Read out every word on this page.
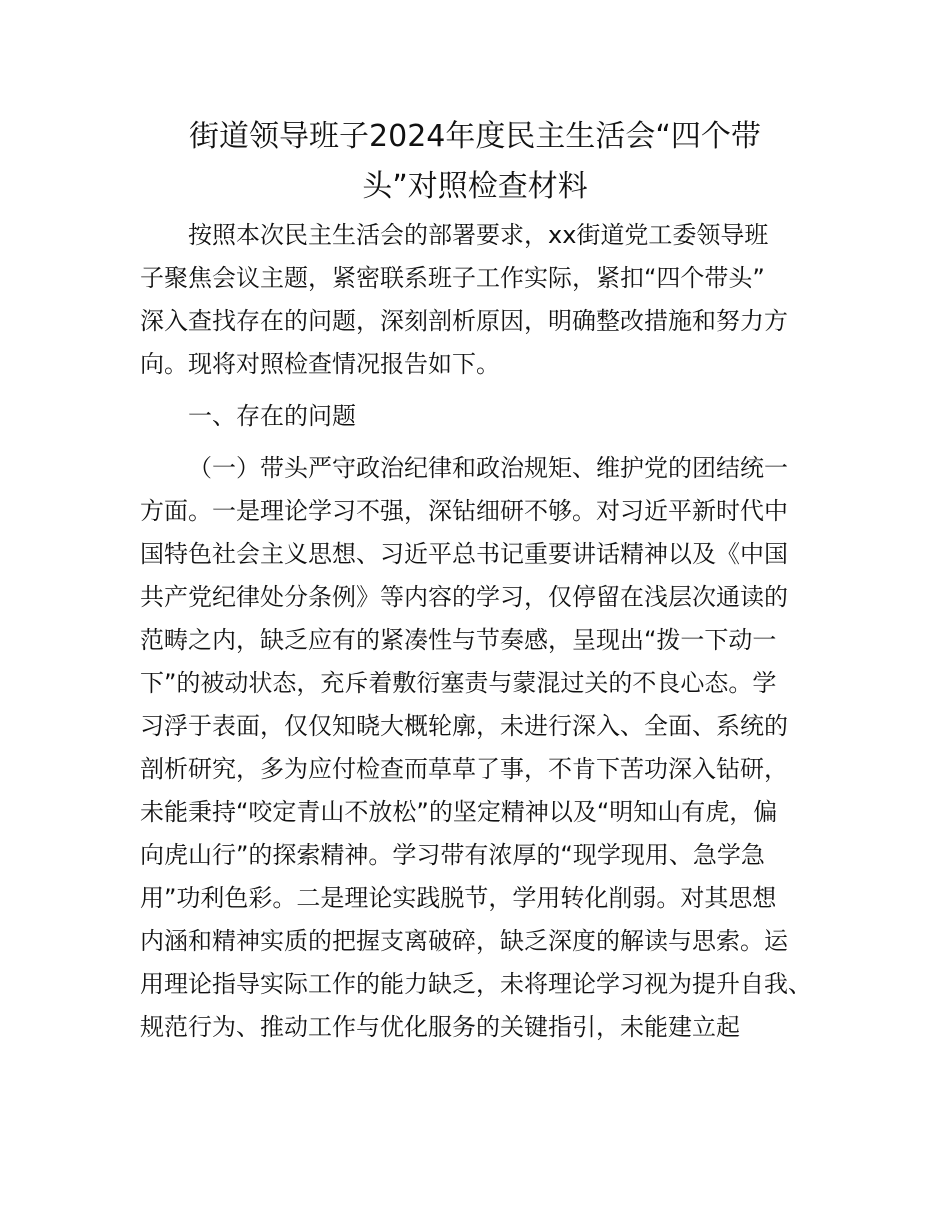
街道领导班子2024年度民主生活会“四个带
头”对照检查材料

按照本次民主生活会的部署要求，xx街道党工委领导班

子聚焦会议主题，紧密联系班子工作实际，紧扣“四个带头”

深入查找存在的问题，深刻剖析原因，明确整改措施和努力方

向。现将对照检查情况报告如下。

一、存在的问题

（一）带头严守政治纪律和政治规矩、维护党的团结统一

方面。一是理论学习不强，深钻细研不够。对习近平新时代中

国特色社会主义思想、习近平总书记重要讲话精神以及《中国

共产党纪律处分条例》等内容的学习，仅停留在浅层次通读的

范畴之内，缺乏应有的紧凑性与节奏感，呈现出“拨一下动一

下”的被动状态，充斥着敷衍塞责与蒙混过关的不良心态。学

习浮于表面，仅仅知晓大概轮廓，未进行深入、全面、系统的

剖析研究，多为应付检查而草草了事，不肯下苦功深入钻研，

未能秉持“咬定青山不放松”的坚定精神以及“明知山有虎，偏

向虎山行”的探索精神。学习带有浓厚的“现学现用、急学急

用”功利色彩。二是理论实践脱节，学用转化削弱。对其思想

内涵和精神实质的把握支离破碎，缺乏深度的解读与思索。运

用理论指导实际工作的能力缺乏，未将理论学习视为提升自我、

规范行为、推动工作与优化服务的关键指引，未能建立起
